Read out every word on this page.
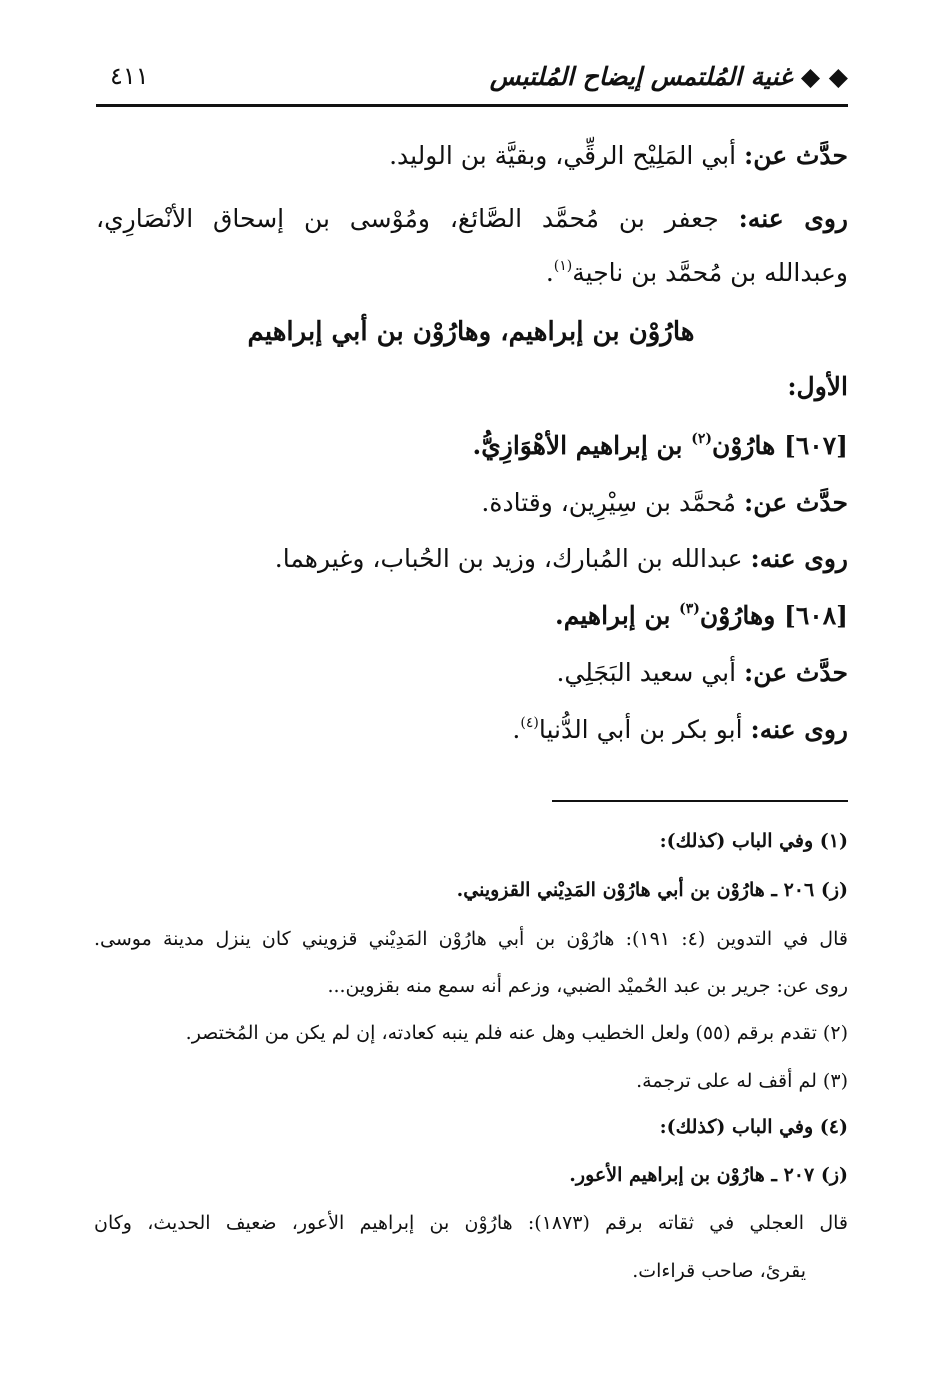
◆ ◆ غنية المُلتمس إيضاح المُلتبس
٤١١
حدَّث عن: أبي المَلِيْح الرقِّي، وبقيَّة بن الوليد.
روى عنه: جعفر بن مُحمَّد الصَّائغ، ومُوْسى بن إسحاق الأنْصَارِي،
وعبدالله بن مُحمَّد بن ناجية$^{(١)}$.
هارُوْن بن إبراهيم، وهارُوْن بن أبي إبراهيم
الأول:
[٦٠٧] هارُوْن$^{(٢)}$ بن إبراهيم الأهْوَازِيُّ.
حدَّث عن: مُحمَّد بن سِيْرِين، وقتادة.
روى عنه: عبدالله بن المُبارك، وزيد بن الحُباب، وغيرهما.
[٦٠٨] وهارُوْن$^{(٣)}$ بن إبراهيم.
حدَّث عن: أبي سعيد البَجَلِي.
روى عنه: أبو بكر بن أبي الدُّنيا$^{(٤)}$.
(١) وفي الباب (كذلك):
(ز) ٢٠٦ ـ هارُوْن بن أبي هارُوْن المَدِيْني القزويني.
قال في التدوين (٤: ١٩١): هارُوْن بن أبي هارُوْن المَدِيْني قزويني كان ينزل مدينة موسى.
روى عن: جرير بن عبد الحُميْد الضبي، وزعم أنه سمع منه بقزوين...
(٢) تقدم برقم (٥٥) ولعل الخطيب وهل عنه فلم ينبه كعادته، إن لم يكن من المُختصر.
(٣) لم أقف له على ترجمة.
(٤) وفي الباب (كذلك):
(ز) ٢٠٧ ـ هارُوْن بن إبراهيم الأعور.
قال العجلي في ثقاته برقم (١٨٧٣): هارُوْن بن إبراهيم الأعور، ضعيف الحديث، وكان
يقرئ، صاحب قراءات.
